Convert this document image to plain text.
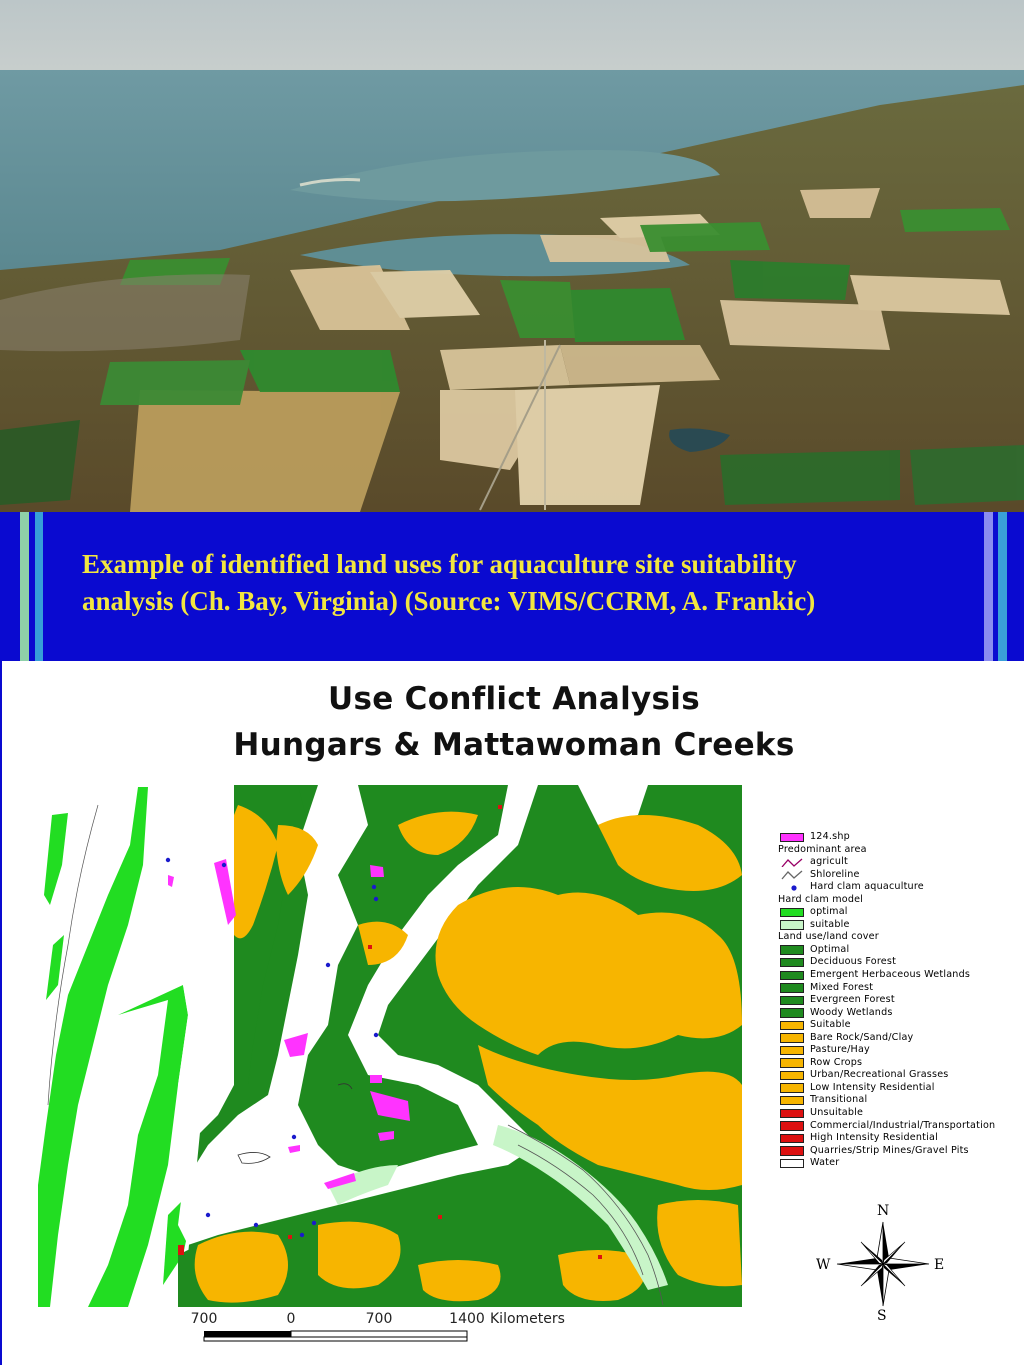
Example of identified land uses for aquaculture site suitability
analysis (Ch. Bay, Virginia) (Source: VIMS/CCRM, A. Frankic)
Use Conflict Analysis
Hungars & Mattawoman Creeks
124.shp
Predominant area
agricult
Shloreline
Hard clam aquaculture
Hard clam model
optimal
suitable
Land use/land cover
Optimal
Deciduous Forest
Emergent Herbaceous Wetlands
Mixed Forest
Evergreen Forest
Woody Wetlands
Suitable
Bare Rock/Sand/Clay
Pasture/Hay
Row Crops
Urban/Recreational Grasses
Low Intensity Residential
Transitional
Unsuitable
Commercial/Industrial/Transportation
High Intensity Residential
Quarries/Strip Mines/Gravel Pits
Water
700	0	700	1400 Kilometers
N
S
W	E
